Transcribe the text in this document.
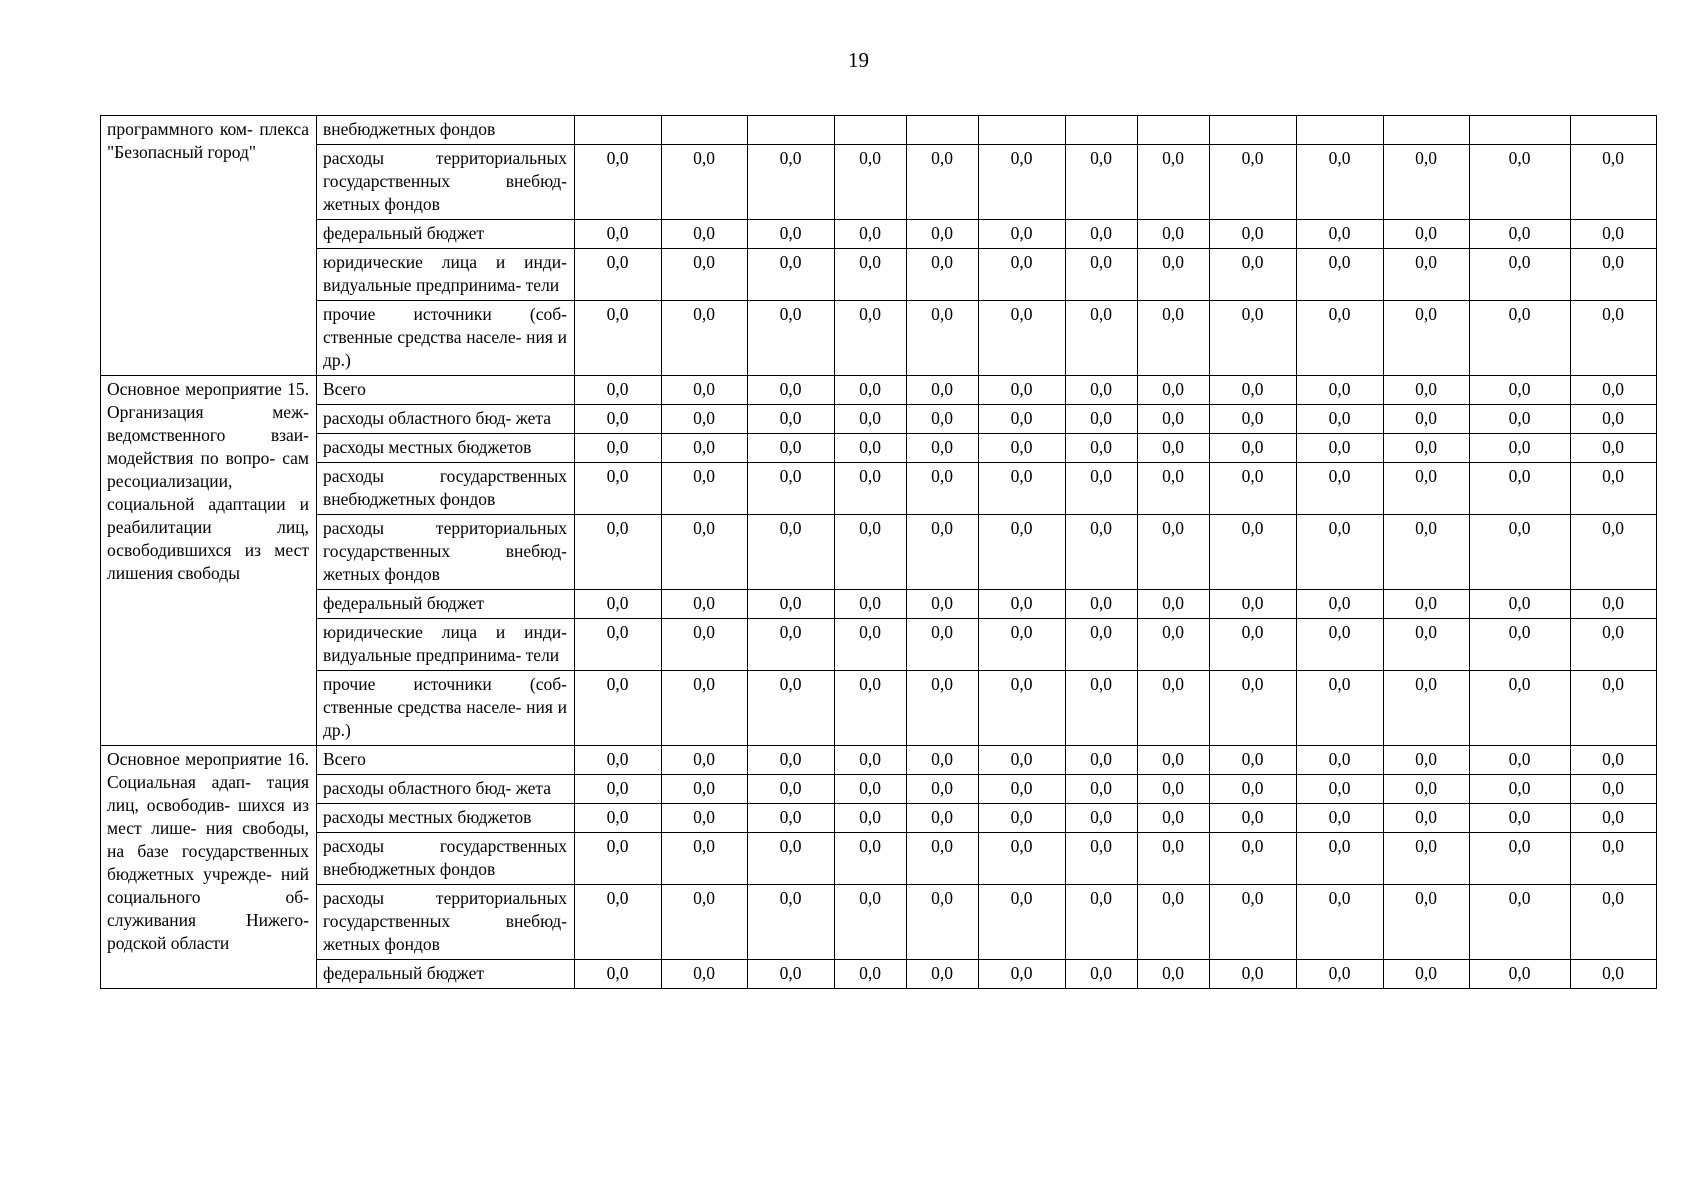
19
программного ком- плекса "Безопасный город"	внебюджетных фондов													
	расходы территориальных государственных внебюд- жетных фондов	0,0	0,0	0,0	0,0	0,0	0,0	0,0	0,0	0,0	0,0	0,0	0,0	0,0
	федеральный бюджет	0,0	0,0	0,0	0,0	0,0	0,0	0,0	0,0	0,0	0,0	0,0	0,0	0,0
	юридические лица и инди- видуальные предпринима- тели	0,0	0,0	0,0	0,0	0,0	0,0	0,0	0,0	0,0	0,0	0,0	0,0	0,0
	прочие источники (соб- ственные средства населе- ния и др.)	0,0	0,0	0,0	0,0	0,0	0,0	0,0	0,0	0,0	0,0	0,0	0,0	0,0
Основное мероприятие 15. Организация меж- ведомственного взаи- модействия по вопро- сам ресоциализации, социальной адаптации и реабилитации лиц, освободившихся из мест лишения свободы	Всего	0,0	0,0	0,0	0,0	0,0	0,0	0,0	0,0	0,0	0,0	0,0	0,0	0,0
	расходы областного бюд- жета	0,0	0,0	0,0	0,0	0,0	0,0	0,0	0,0	0,0	0,0	0,0	0,0	0,0
	расходы местных бюджетов	0,0	0,0	0,0	0,0	0,0	0,0	0,0	0,0	0,0	0,0	0,0	0,0	0,0
	расходы государственных внебюджетных фондов	0,0	0,0	0,0	0,0	0,0	0,0	0,0	0,0	0,0	0,0	0,0	0,0	0,0
	расходы территориальных государственных внебюд- жетных фондов	0,0	0,0	0,0	0,0	0,0	0,0	0,0	0,0	0,0	0,0	0,0	0,0	0,0
	федеральный бюджет	0,0	0,0	0,0	0,0	0,0	0,0	0,0	0,0	0,0	0,0	0,0	0,0	0,0
	юридические лица и инди- видуальные предпринима- тели	0,0	0,0	0,0	0,0	0,0	0,0	0,0	0,0	0,0	0,0	0,0	0,0	0,0
	прочие источники (соб- ственные средства населе- ния и др.)	0,0	0,0	0,0	0,0	0,0	0,0	0,0	0,0	0,0	0,0	0,0	0,0	0,0
Основное мероприятие 16. Социальная адап- тация лиц, освободив- шихся из мест лише- ния свободы, на базе государственных бюджетных учрежде- ний социального об- служивания Нижего- родской области	Всего	0,0	0,0	0,0	0,0	0,0	0,0	0,0	0,0	0,0	0,0	0,0	0,0	0,0
	расходы областного бюд- жета	0,0	0,0	0,0	0,0	0,0	0,0	0,0	0,0	0,0	0,0	0,0	0,0	0,0
	расходы местных бюджетов	0,0	0,0	0,0	0,0	0,0	0,0	0,0	0,0	0,0	0,0	0,0	0,0	0,0
	расходы государственных внебюджетных фондов	0,0	0,0	0,0	0,0	0,0	0,0	0,0	0,0	0,0	0,0	0,0	0,0	0,0
	расходы территориальных государственных внебюд- жетных фондов	0,0	0,0	0,0	0,0	0,0	0,0	0,0	0,0	0,0	0,0	0,0	0,0	0,0
	федеральный бюджет	0,0	0,0	0,0	0,0	0,0	0,0	0,0	0,0	0,0	0,0	0,0	0,0	0,0
